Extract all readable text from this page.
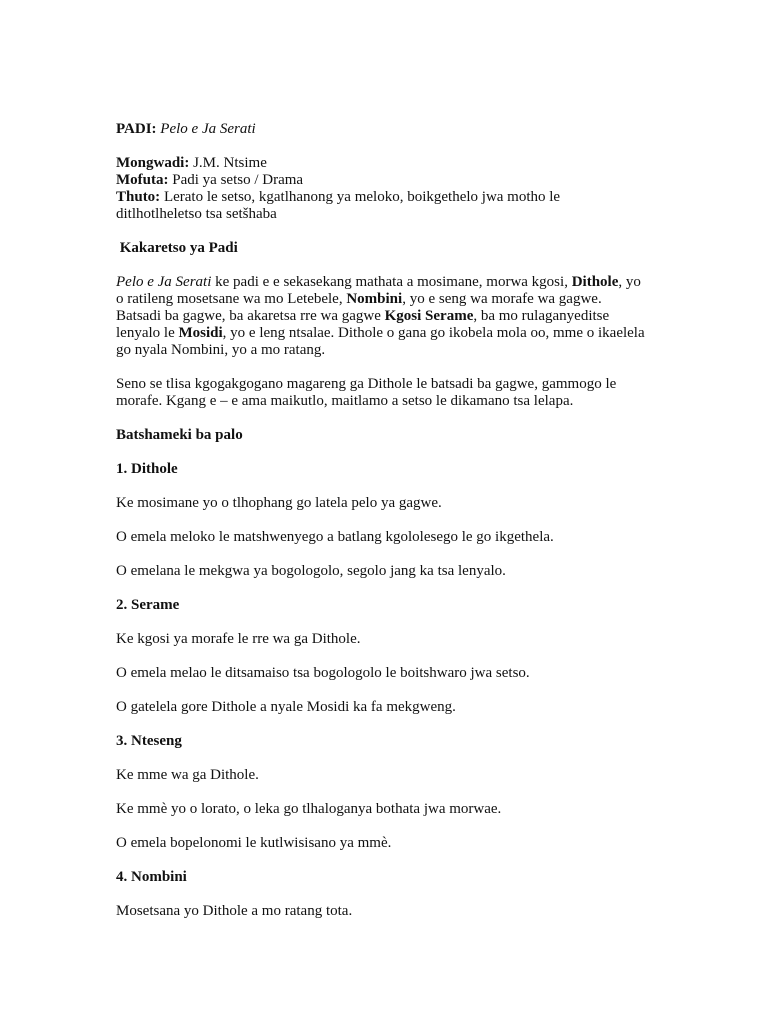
PADI: Pelo e Ja Serati

Mongwadi: J.M. Ntsime

Mofuta: Padi ya setso / Drama

Thuto: Lerato le setso, kgatlhanong ya meloko, boikgethelo jwa motho le ditlhotlheletso tsa setšhaba

Kakaretso ya Padi

Pelo e Ja Serati ke padi e e sekasekang mathata a mosimane, morwa kgosi, Dithole, yo o ratileng mosetsane wa mo Letebele, Nombini, yo e seng wa morafe wa gagwe. Batsadi ba gagwe, ba akaretsa rre wa gagwe Kgosi Serame, ba mo rulaganyeditse lenyalo le Mosidi, yo e leng ntsalae. Dithole o gana go ikobela mola oo, mme o ikaelela go nyala Nombini, yo a mo ratang.

Seno se tlisa kgogakgogano magareng ga Dithole le batsadi ba gagwe, gammogo le morafe. Kgang e – e ama maikutlo, maitlamo a setso le dikamano tsa lelapa.

Batshameki ba palo

1. Dithole

Ke mosimane yo o tlhophang go latela pelo ya gagwe.

O emela meloko le matshwenyego a batlang kgololesego le go ikgethela.

O emelana le mekgwa ya bogologolo, segolo jang ka tsa lenyalo.

2. Serame

Ke kgosi ya morafe le rre wa ga Dithole.

O emela melao le ditsamaiso tsa bogologolo le boitshwaro jwa setso.

O gatelela gore Dithole a nyale Mosidi ka fa mekgweng.

3. Nteseng

Ke mme wa ga Dithole.

Ke mmè yo o lorato, o leka go tlhaloganya bothata jwa morwae.

O emela bopelonomi le kutlwisisano ya mmè.

4. Nombini

Mosetsana yo Dithole a mo ratang tota.
